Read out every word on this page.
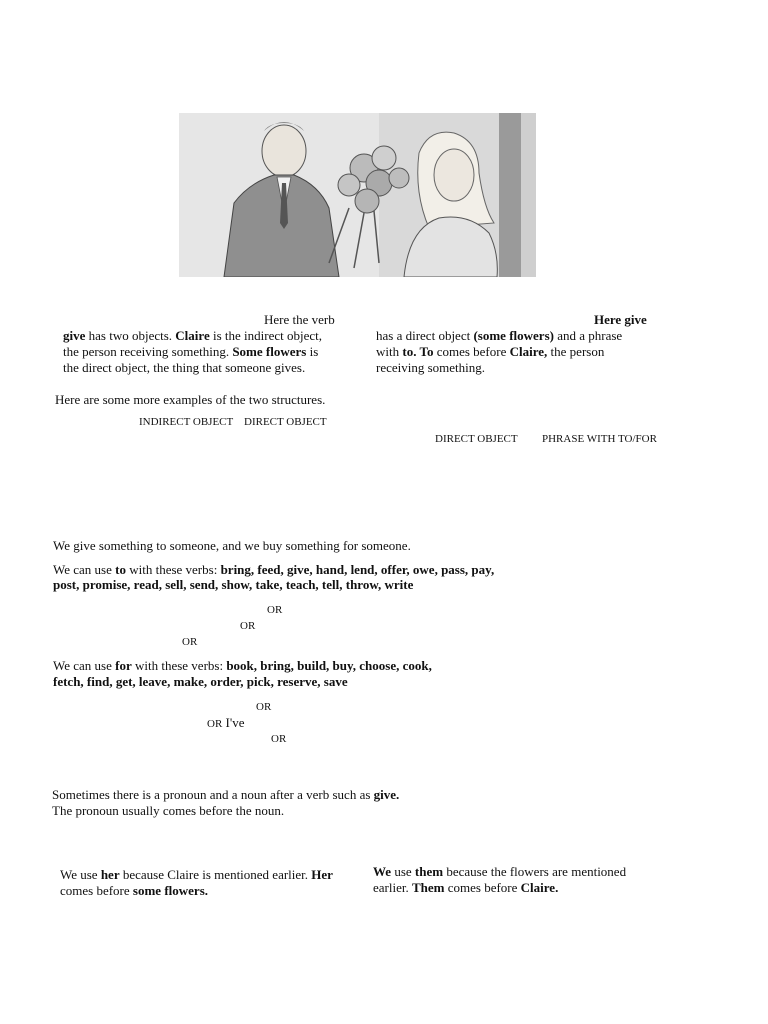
Here the verb
give has two objects. Claire is the indirect object,
the person receiving something. Some flowers is
the direct object, the thing that someone gives.
Here give
has a direct object (some flowers) and a phrase
with to. To comes before Claire, the person
receiving something.
Here are some more examples of the two structures.
INDIRECT OBJECT DIRECT OBJECT
DIRECT OBJECT PHRASE WITH TO/FOR
We give something to someone, and we buy something for someone.
We can use to with these verbs: bring, feed, give, hand, lend, offer, owe, pass, pay,
post, promise, read, sell, send, show, take, teach, tell, throw, write
OR
OR
OR
We can use for with these verbs: book, bring, build, buy, choose, cook,
fetch, find, get, leave, make, order, pick, reserve, save
OR
OR I've
OR
Sometimes there is a pronoun and a noun after a verb such as give.
The pronoun usually comes before the noun.
We use her because Claire is mentioned earlier. Her
comes before some flowers.
We use them because the flowers are mentioned
earlier. Them comes before Claire.
